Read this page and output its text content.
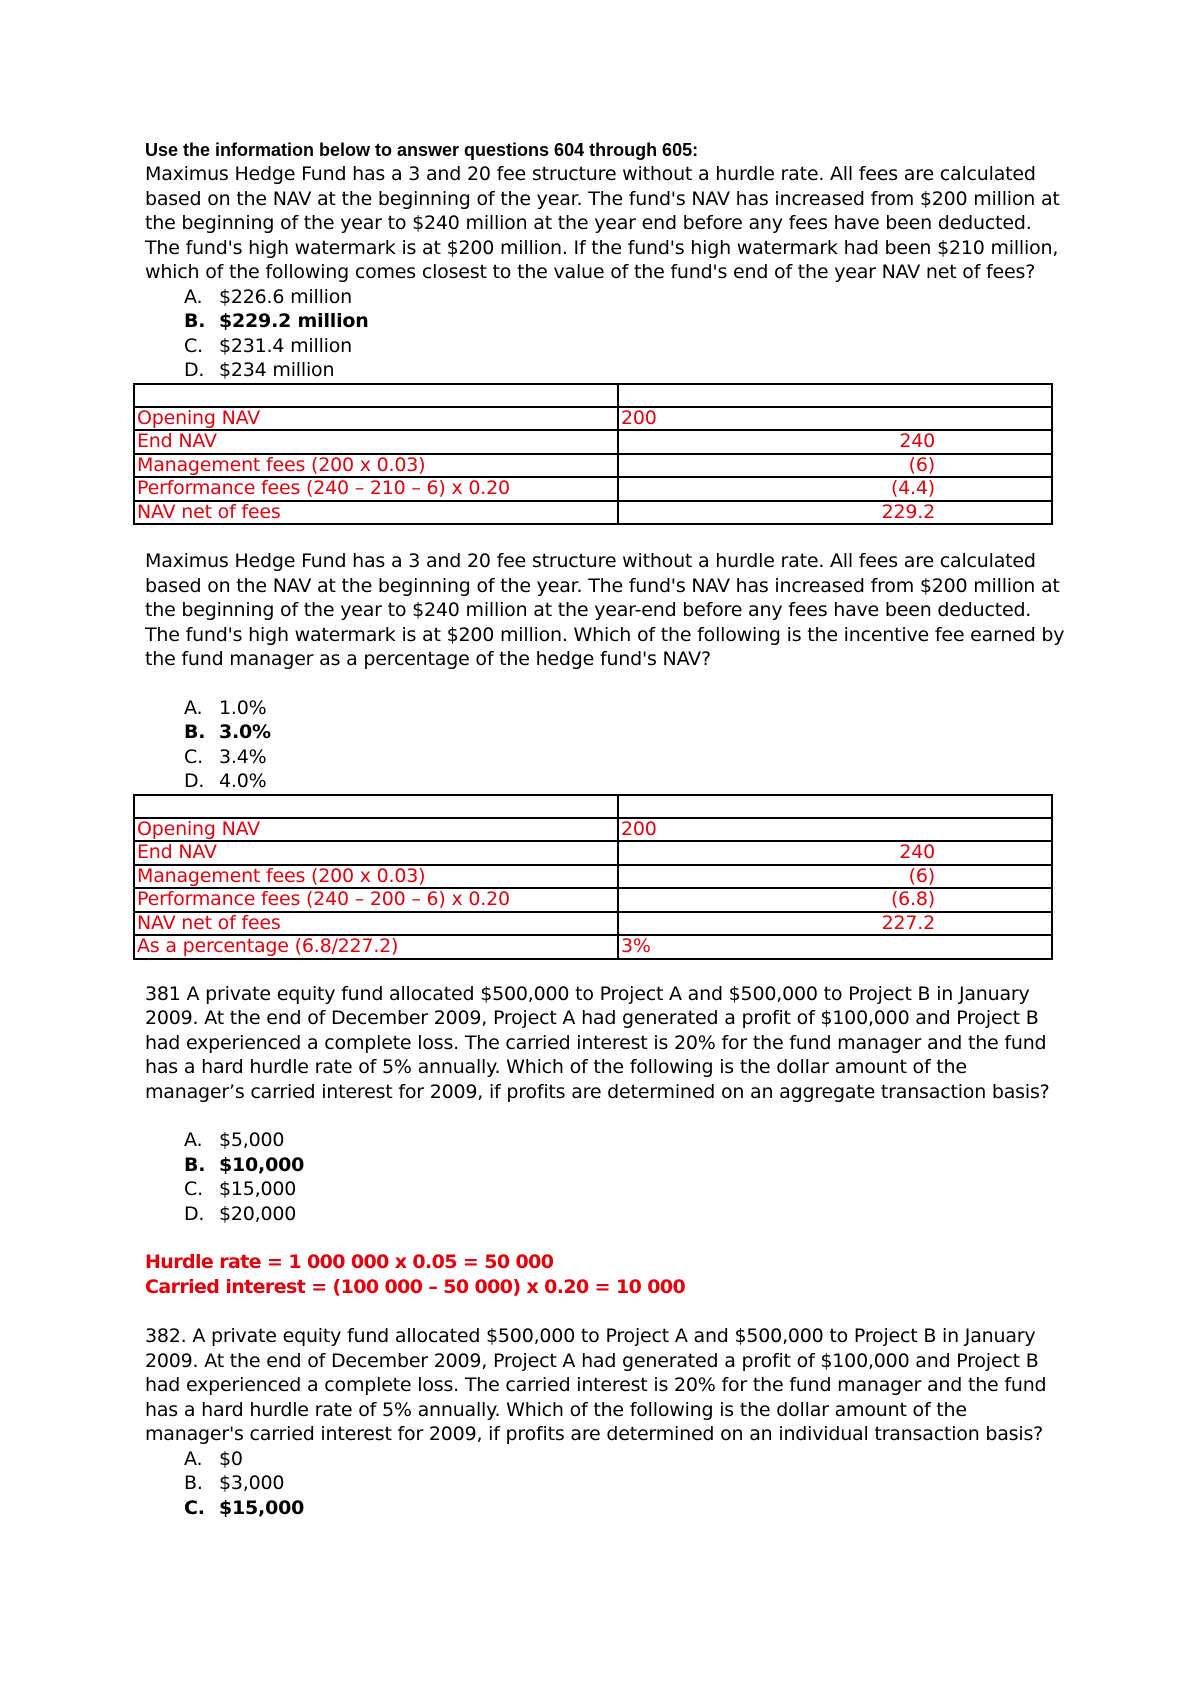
Use the information below to answer questions 604 through 605:

Maximus Hedge Fund has a 3 and 20 fee structure without a hurdle rate. All fees are calculated based on the NAV at the beginning of the year. The fund's NAV has increased from $200 million at the beginning of the year to $240 million at the year end before any fees have been deducted. The fund's high watermark is at $200 million. If the fund's high watermark had been $210 million, which of the following comes closest to the value of the fund's end of the year NAV net of fees?

A. $226.6 million
B. $229.2 million
C. $231.4 million
D. $234 million

Opening NAV	200
End NAV	240
Management fees (200 x 0.03)	(6)
Performance fees (240 – 210 – 6) x 0.20	(4.4)
NAV net of fees	229.2

Maximus Hedge Fund has a 3 and 20 fee structure without a hurdle rate. All fees are calculated based on the NAV at the beginning of the year. The fund's NAV has increased from $200 million at the beginning of the year to $240 million at the year-end before any fees have been deducted. The fund's high watermark is at $200 million. Which of the following is the incentive fee earned by the fund manager as a percentage of the hedge fund's NAV?

A. 1.0%
B. 3.0%
C. 3.4%
D. 4.0%

Opening NAV	200
End NAV	240
Management fees (200 x 0.03)	(6)
Performance fees (240 – 200 – 6) x 0.20	(6.8)
NAV net of fees	227.2
As a percentage (6.8/227.2)	3%

381 A private equity fund allocated $500,000 to Project A and $500,000 to Project B in January 2009. At the end of December 2009, Project A had generated a profit of $100,000 and Project B had experienced a complete loss. The carried interest is 20% for the fund manager and the fund has a hard hurdle rate of 5% annually. Which of the following is the dollar amount of the manager’s carried interest for 2009, if profits are determined on an aggregate transaction basis?

A. $5,000
B. $10,000
C. $15,000
D. $20,000

Hurdle rate = 1 000 000 x 0.05 = 50 000

Carried interest = (100 000 – 50 000) x 0.20 = 10 000

382. A private equity fund allocated $500,000 to Project A and $500,000 to Project B in January 2009. At the end of December 2009, Project A had generated a profit of $100,000 and Project B had experienced a complete loss. The carried interest is 20% for the fund manager and the fund has a hard hurdle rate of 5% annually. Which of the following is the dollar amount of the manager's carried interest for 2009, if profits are determined on an individual transaction basis?

A. $0
B. $3,000
C. $15,000
